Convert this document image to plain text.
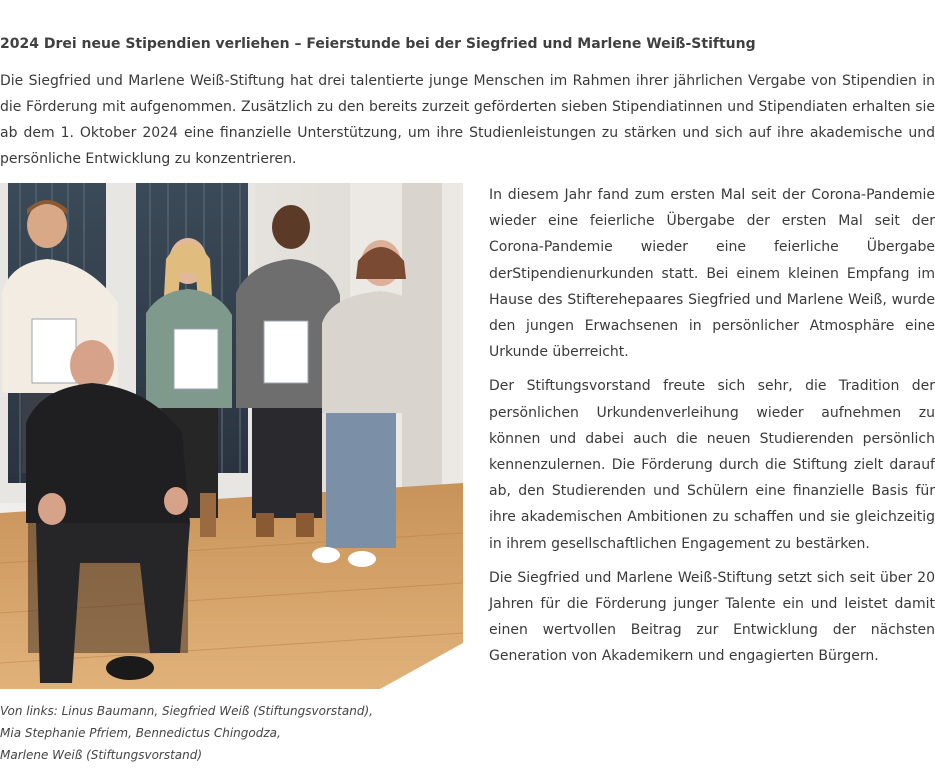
2024 Drei neue Stipendien verliehen – Feierstunde bei der Siegfried und Marlene Weiß-Stiftung

Die Siegfried und Marlene Weiß-Stiftung hat drei talentierte junge Menschen im Rahmen ihrer jährlichen Vergabe von Stipendien in die Förderung mit aufgenommen. Zusätzlich zu den bereits zurzeit geförderten sieben Stipendiatinnen und Stipendiaten erhalten sie ab dem 1. Oktober 2024 eine finanzielle Unterstützung, um ihre Studienleistungen zu stärken und sich auf ihre akademische und persönliche Entwicklung zu konzentrieren.

Von links: Linus Baumann, Siegfried Weiß (Stiftungsvorstand),
Mia Stephanie Pfriem, Bennedictus Chingodza,
Marlene Weiß (Stiftungsvorstand)

In diesem Jahr fand zum ersten Mal seit der Corona-Pandemie wieder eine feierliche Übergabe der ersten Mal seit der Corona-Pandemie wieder eine feierliche Übergabe derStipendienurkunden statt. Bei einem kleinen Empfang im Hause des Stifterehepaares Siegfried und Marlene Weiß, wurde den jungen Erwachsenen in persönlicher Atmosphäre eine Urkunde überreicht.

Der Stiftungsvorstand freute sich sehr, die Tradition der persönlichen Urkundenverleihung wieder aufnehmen zu können und dabei auch die neuen Studierenden persönlich kennenzulernen. Die Förderung durch die Stiftung zielt darauf ab, den Studierenden und Schülern eine finanzielle Basis für ihre akademischen Ambitionen zu schaffen und sie gleichzeitig in ihrem gesellschaftlichen Engagement zu bestärken.

Die Siegfried und Marlene Weiß-Stiftung setzt sich seit über 20 Jahren für die Förderung junger Talente ein und leistet damit einen wertvollen Beitrag zur Entwicklung der nächsten Generation von Akademikern und engagierten Bürgern.
